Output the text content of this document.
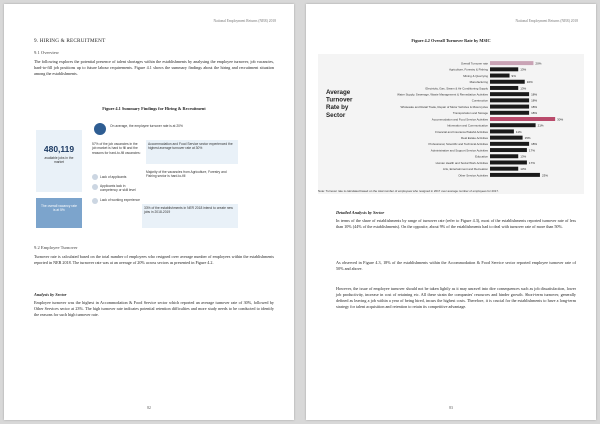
National Employment Returns (NER) 2018
9. HIRING & RECRUITMENT
9.1 Overview

The following explores the potential presence of talent shortages within the establishments by analysing the employee turnover, job vacancies, hard-to-fill job positions up to future labour requirements. Figure 4.1 shows the summary findings about the hiring and recruitment situation among the establishments.

Figure 4.1 Summary Findings for Hiring & Recruitment
480,119
available jobs in the market
The overall vacancy rate is at 5%
On average, the employee turnover rate is at 20%
57% of the job vacancies in the job market is hard to fill and the reasons for hard-to-fill vacancies:
Lack of applicants
Applicants lack in competency or skill level
Lack of working experience
Accommodation and Food Service sector experienced the highest average turnover rate at 30%
Majority of the vacancies from Agriculture, Forestry and Fishing sector is hard-to-fill
33% of the establishments in NER 2018 intend to create new jobs in 2018-2019
9.2 Employee Turnover

Turnover rate is calculated based on the total number of employees who resigned over average number of employees within the establishments reported in NER 2018. The turnover rate was at an average of 20% across sectors as presented in Figure 4.2.

Analysis by Sector

Employee turnover was the highest in Accommodation & Food Service sector which reported an average turnover rate of 30%, followed by Other Services sector at 23%. The high turnover rate indicates potential retention difficulties and more study needs to be conducted to identify the reasons for such high turnover rate.

82
National Employment Returns (NER) 2018
Figure 4.2 Overall Turnover Rate by MSIC
Average Turnover Rate by Sector
Overall Turnover rate	20%
Agriculture, Forestry & Fishing	13%
Mining & Quarrying	9%
Manufacturing	16%
Electricity, Gas, Steam & Air Conditioning Supply	13%
Water Supply, Sewerage, Waste Management & Remediation Activities	18%
Construction	18%
Wholesale and Retail Trade, Repair of Motor Vehicles & Motorcycles	18%
Transportation and Storage	18%
Accommodation and Food Service Activities	30%
Information and Communication	21%
Financial and Insurance/Takaful Activities	11%
Real Estate Activities	15%
Professional, Scientific and Technical Activities	18%
Administrative and Support Service Activities	17%
Education	13%
Human Health and Social Work Activities	17%
Arts, Entertainment and Recreation	13%
Other Service Activities	23%
Note: Turnover rate is calculated based on the total number of employees who resigned in 2017 over average number of employees for 2017.
Detailed Analysis by Sector

In terms of the share of establishments by range of turnover rate (refer to Figure 4.3), most of the establishments reported turnover rate of less than 10% (44% of the establishments). On the opposite, about 9% of the establishments had to deal with turnover rate of more than 50%.

As observed in Figure 4.3, 18% of the establishments within the Accommodation & Food Service sector reported employee turnover rate of 50% and above.

However, the issue of employee turnover should not be taken lightly as it may unravel into dire consequences such as job dissatisfaction, lower job productivity, increase in cost of retaining etc. All these strain the companies' resources and hinder growth. Short-term turnover, generally defined as leaving a job within a year of being hired, incurs the highest costs. Therefore, it is crucial for the establishments to have a long-term strategy for talent acquisition and retention to retain its competitive advantage.

83
